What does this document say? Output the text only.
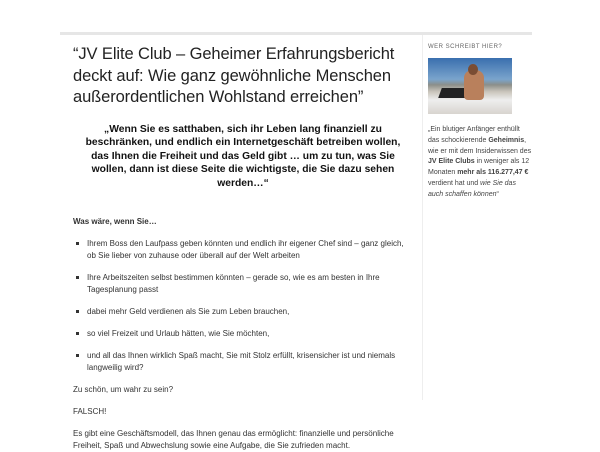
“JV Elite Club – Geheimer Erfahrungsbericht deckt auf: Wie ganz gewöhnliche Menschen außerordentlichen Wohlstand erreichen”
„Wenn Sie es satthaben, sich ihr Leben lang finanziell zu beschränken, und endlich ein Internetgeschäft betreiben wollen, das Ihnen die Freiheit und das Geld gibt … um zu tun, was Sie wollen, dann ist diese Seite die wichtigste, die Sie dazu sehen werden…“

Was wäre, wenn Sie…

Ihrem Boss den Laufpass geben könnten und endlich ihr eigener Chef sind – ganz gleich, ob Sie lieber von zuhause oder überall auf der Welt arbeiten
Ihre Arbeitszeiten selbst bestimmen könnten – gerade so, wie es am besten in Ihre Tagesplanung passt
dabei mehr Geld verdienen als Sie zum Leben brauchen,
so viel Freizeit und Urlaub hätten, wie Sie möchten,
und all das Ihnen wirklich Spaß macht, Sie mit Stolz erfüllt, krisensicher ist und niemals langweilig wird?

Zu schön, um wahr zu sein?

FALSCH!

Es gibt eine Geschäftsmodell, das Ihnen genau das ermöglicht: finanzielle und persönliche Freiheit, Spaß und Abwechslung sowie eine Aufgabe, die Sie zufrieden macht.

WER SCHREIBT HIER?

„Ein blutiger Anfänger enthüllt das schockierende Geheimnis, wie er mit dem Insiderwissen des JV Elite Clubs in weniger als 12 Monaten mehr als 116.277,47 € verdient hat und wie Sie das auch schaffen können“
